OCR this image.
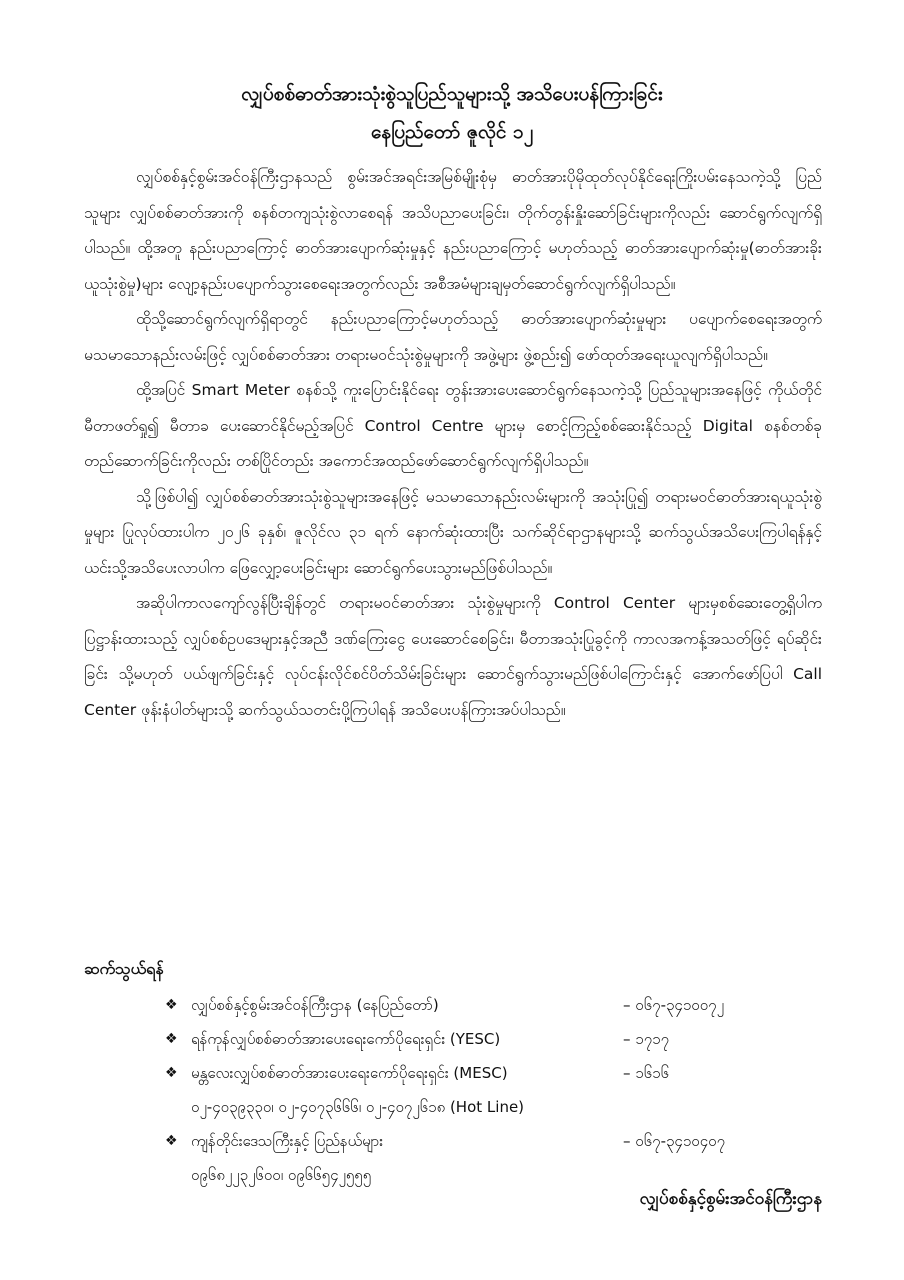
လျှပ်စစ်ဓာတ်အားသုံးစွဲသူပြည်သူများသို့ အသိပေးပန်ကြားခြင်း
နေပြည်တော် ဇူလိုင် ၁၂

လျှပ်စစ်နှင့်စွမ်းအင်ဝန်ကြီးဌာနသည် စွမ်းအင်အရင်းအမြစ်မျိုးစုံမှ ဓာတ်အားပိုမိုထုတ်လုပ်နိုင်ရေးကြိုးပမ်းနေသကဲ့သို့ ပြည်သူများ လျှပ်စစ်ဓာတ်အားကို စနစ်တကျသုံးစွဲလာစေရန် အသိပညာပေးခြင်း၊ တိုက်တွန်းနှိုးဆော်ခြင်းများကိုလည်း ဆောင်ရွက်လျက်ရှိပါသည်။ ထို့အတူ နည်းပညာကြောင့် ဓာတ်အားပျောက်ဆုံးမှုနှင့် နည်းပညာကြောင့် မဟုတ်သည့် ဓာတ်အားပျောက်ဆုံးမှု(ဓာတ်အားခိုးယူသုံးစွဲမှု)များ လျော့နည်းပပျောက်သွားစေရေးအတွက်လည်း အစီအမံများချမှတ်ဆောင်ရွက်လျက်ရှိပါသည်။

ထိုသို့ဆောင်ရွက်လျက်ရှိရာတွင် နည်းပညာကြောင့်မဟုတ်သည့် ဓာတ်အားပျောက်ဆုံးမှုများ ပပျောက်စေရေးအတွက် မသမာသောနည်းလမ်းဖြင့် လျှပ်စစ်ဓာတ်အား တရားမဝင်သုံးစွဲမှုများကို အဖွဲ့များ ဖွဲ့စည်း၍ ဖော်ထုတ်အရေးယူလျက်ရှိပါသည်။

ထို့အပြင် Smart Meter စနစ်သို့ ကူးပြောင်းနိုင်ရေး တွန်းအားပေးဆောင်ရွက်နေသကဲ့သို့ ပြည်သူများအနေဖြင့် ကိုယ်တိုင် မီတာဖတ်ရှု၍ မီတာခ ပေးဆောင်နိုင်မည့်အပြင် Control Centre များမှ စောင့်ကြည့်စစ်ဆေးနိုင်သည့် Digital စနစ်တစ်ခု တည်ဆောက်ခြင်းကိုလည်း တစ်ပြိုင်တည်း အကောင်အထည်ဖော်ဆောင်ရွက်လျက်ရှိပါသည်။

သို့ဖြစ်ပါ၍ လျှပ်စစ်ဓာတ်အားသုံးစွဲသူများအနေဖြင့် မသမာသောနည်းလမ်းများကို အသုံးပြု၍ တရားမဝင်ဓာတ်အားရယူသုံးစွဲမှုများ ပြုလုပ်ထားပါက ၂၀၂၆ ခုနှစ်၊ ဇူလိုင်လ ၃၁ ရက် နောက်ဆုံးထားပြီး သက်ဆိုင်ရာဌာနများသို့ ဆက်သွယ်အသိပေးကြပါရန်နှင့် ယင်းသို့အသိပေးလာပါက ဖြေလျှော့ပေးခြင်းများ ဆောင်ရွက်ပေးသွားမည်ဖြစ်ပါသည်။

အဆိုပါကာလကျော်လွန်ပြီးချိန်တွင် တရားမဝင်ဓာတ်အား သုံးစွဲမှုများကို Control Center များမှစစ်ဆေးတွေ့ရှိပါက ပြဋ္ဌာန်းထားသည့် လျှပ်စစ်ဥပဒေများနှင့်အညီ ဒဏ်ကြေးငွေ ပေးဆောင်စေခြင်း၊ မီတာအသုံးပြုခွင့်ကို ကာလအကန့်အသတ်ဖြင့် ရပ်ဆိုင်းခြင်း သို့မဟုတ် ပယ်ဖျက်ခြင်းနှင့် လုပ်ငန်းလိုင်စင်ပိတ်သိမ်းခြင်းများ ဆောင်ရွက်သွားမည်ဖြစ်ပါကြောင်းနှင့် အောက်ဖော်ပြပါ Call Center ဖုန်းနံပါတ်များသို့ ဆက်သွယ်သတင်းပို့ကြပါရန် အသိပေးပန်ကြားအပ်ပါသည်။

ဆက်သွယ်ရန်
❖ လျှပ်စစ်နှင့်စွမ်းအင်ဝန်ကြီးဌာန (နေပြည်တော်)	– ၀၆၇-၃၄၁၀၀၇၂
❖ ရန်ကုန်လျှပ်စစ်ဓာတ်အားပေးရေးကော်ပိုရေးရှင်း (YESC)	– ၁၇၁၇
❖ မန္တလေးလျှပ်စစ်ဓာတ်အားပေးရေးကော်ပိုရေးရှင်း (MESC)	– ၁၆၁၆
၀၂-၄၀၃၉၃၃၀၊ ၀၂-၄၀၇၃၆၆၆၊ ၀၂-၄၀၇၂၆၁၈ (Hot Line)
❖ ကျန်တိုင်းဒေသကြီးနှင့် ပြည်နယ်များ	– ၀၆၇-၃၄၁၀၄၀၇
၀၉၆၈၂၂၃၂၆၀၀၊ ၀၉၆၆၅၄၂၅၅၅

လျှပ်စစ်နှင့်စွမ်းအင်ဝန်ကြီးဌာန
